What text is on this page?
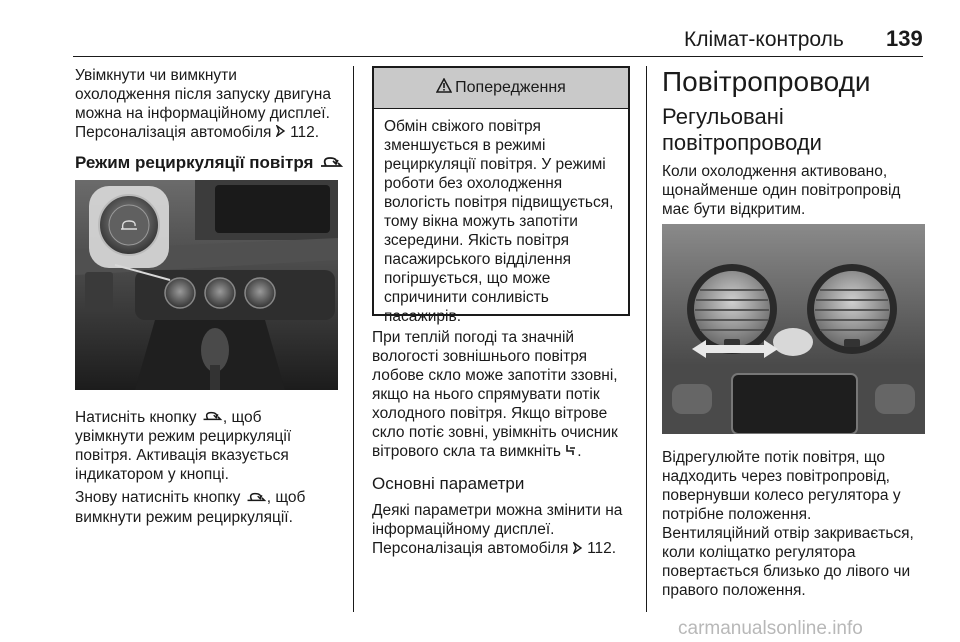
Клімат-контроль 139

Увімкнути чи вимкнути
охолодження після запуску двигуна
можна на інформаційному дисплеї.
Персоналізація автомобіля 112.

Режим рециркуляції повітря

Натисніть кнопку , щоб
увімкнути режим рециркуляції
повітря. Активація вказується
індикатором у кнопці.

Знову натисніть кнопку , щоб
вимкнути режим рециркуляції.

Попередження

Обмін свіжого повітря
зменшується в режимі
рециркуляції повітря. У режимі
роботи без охолодження
вологість повітря підвищується,
тому вікна можуть запотіти
зсередини. Якість повітря
пасажирського відділення
погіршується, що може
спричинити сонливість
пасажирів.

При теплій погоді та значній
вологості зовнішнього повітря
лобове скло може запотіти ззовні,
якщо на нього спрямувати потік
холодного повітря. Якщо вітрове
скло потіє зовні, увімкніть очисник
вітрового скла та вимкніть .

Основні параметри

Деякі параметри можна змінити на
інформаційному дисплеї.
Персоналізація автомобіля 112.

Повітропроводи

Регульовані
повітропроводи

Коли охолодження активовано,
щонайменше один повітропровід
має бути відкритим.

Відрегулюйте потік повітря, що
надходить через повітропровід,
повернувши колесо регулятора у
потрібне положення.
Вентиляційний отвір закривається,
коли коліщатко регулятора
повертається близько до лівого чи
правого положення.

carmanualsonline.info
